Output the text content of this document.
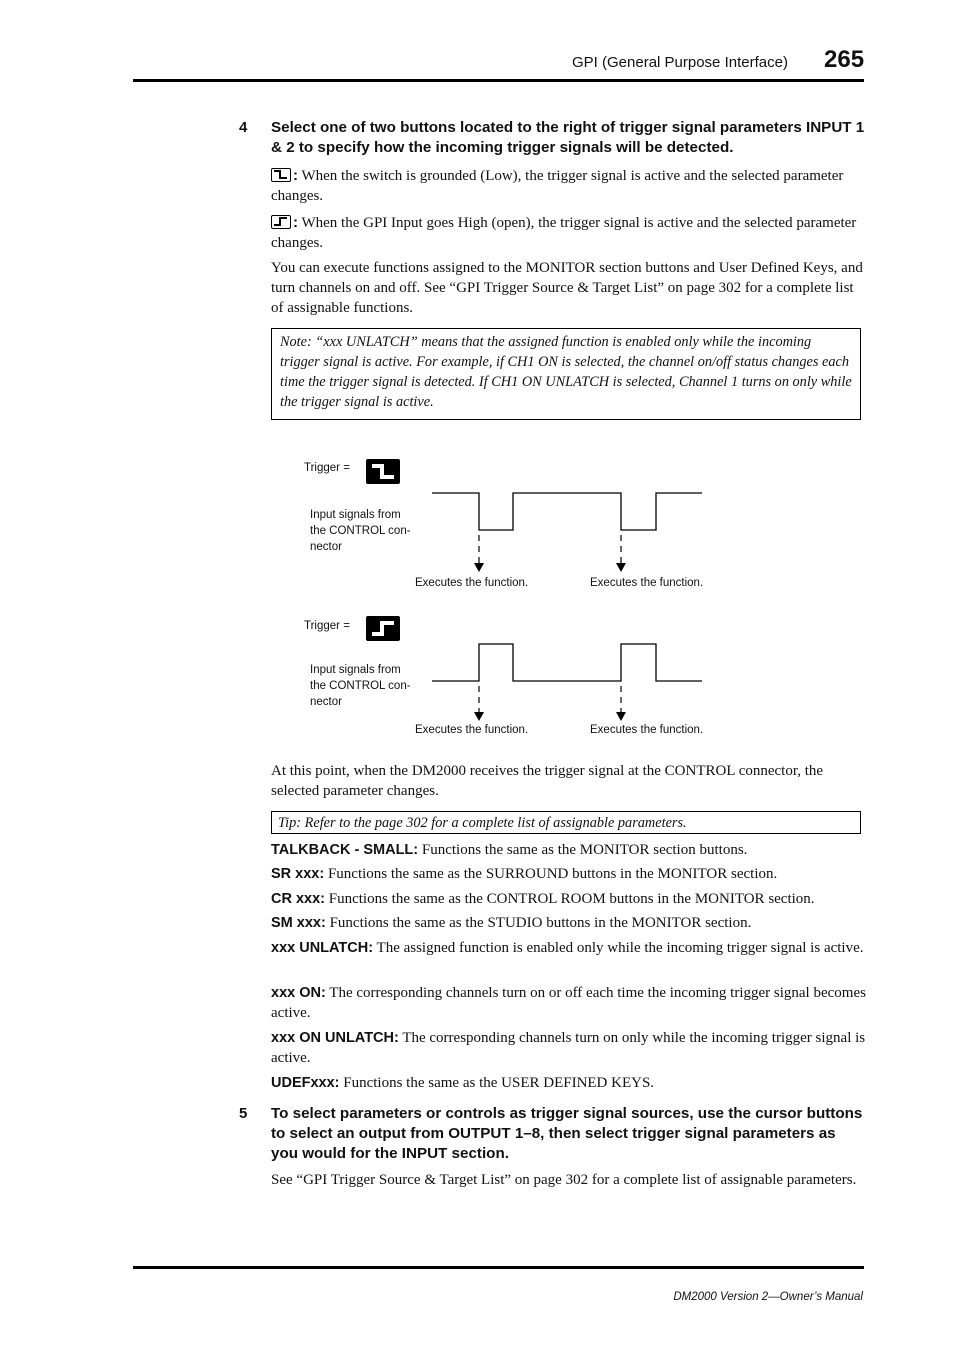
GPI (General Purpose Interface) 265
4 Select one of two buttons located to the right of trigger signal parameters INPUT 1 & 2 to specify how the incoming trigger signals will be detected.
: When the switch is grounded (Low), the trigger signal is active and the selected parameter changes.
: When the GPI Input goes High (open), the trigger signal is active and the selected parameter changes.
You can execute functions assigned to the MONITOR section buttons and User Defined Keys, and turn channels on and off. See “GPI Trigger Source & Target List” on page 302 for a complete list of assignable functions.
Note: “xxx UNLATCH” means that the assigned function is enabled only while the incoming trigger signal is active. For example, if CH1 ON is selected, the channel on/off status changes each time the trigger signal is detected. If CH1 ON UNLATCH is selected, Channel 1 turns on only while the trigger signal is active.
Trigger =
Input signals from
the CONTROL con-
nector
Executes the function.	Executes the function.
Trigger =
Input signals from
the CONTROL con-
nector
Executes the function.	Executes the function.
At this point, when the DM2000 receives the trigger signal at the CONTROL connector, the selected parameter changes.
Tip: Refer to the page 302 for a complete list of assignable parameters.
TALKBACK - SMALL: Functions the same as the MONITOR section buttons.
SR xxx: Functions the same as the SURROUND buttons in the MONITOR section.
CR xxx: Functions the same as the CONTROL ROOM buttons in the MONITOR section.
SM xxx: Functions the same as the STUDIO buttons in the MONITOR section.
xxx UNLATCH: The assigned function is enabled only while the incoming trigger signal is active.
xxx ON: The corresponding channels turn on or off each time the incoming trigger signal becomes active.
xxx ON UNLATCH: The corresponding channels turn on only while the incoming trigger signal is active.
UDEFxxx: Functions the same as the USER DEFINED KEYS.
5 To select parameters or controls as trigger signal sources, use the cursor buttons to select an output from OUTPUT 1–8, then select trigger signal parameters as you would for the INPUT section.
See “GPI Trigger Source & Target List” on page 302 for a complete list of assignable parameters.
DM2000 Version 2—Owner’s Manual
